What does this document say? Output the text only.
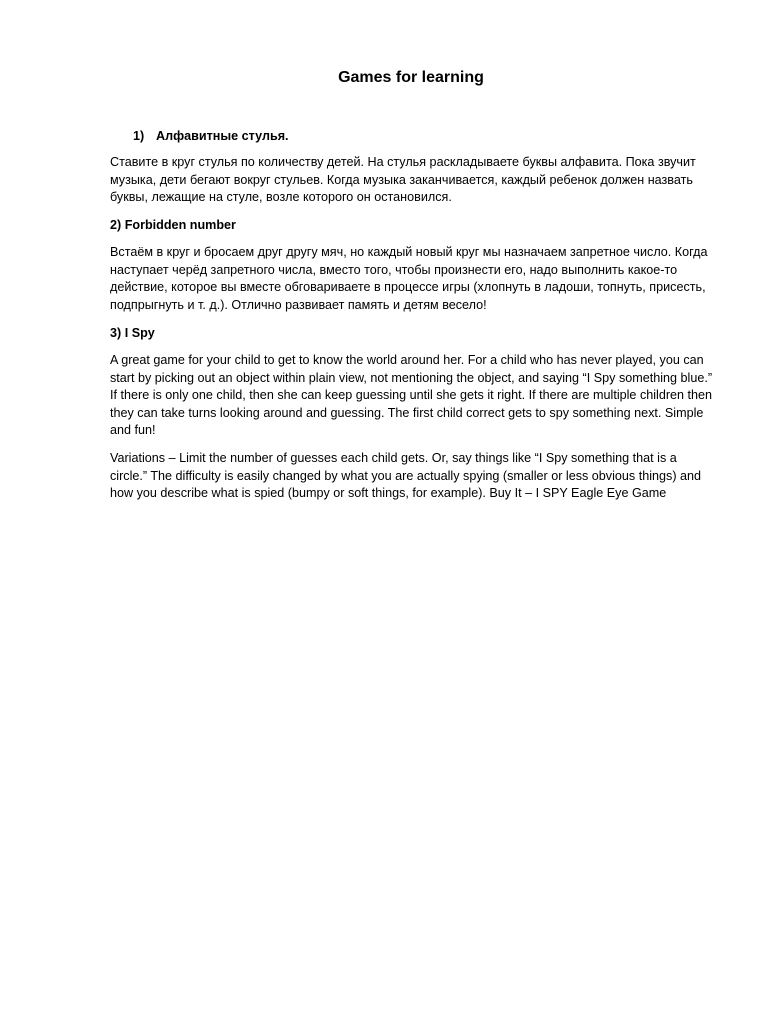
Games for learning
1) Алфавитные стулья.
Ставите в круг стулья по количеству детей. На стулья раскладываете буквы алфавита. Пока звучит музыка, дети бегают вокруг стульев. Когда музыка заканчивается, каждый ребенок должен назвать буквы, лежащие на стуле, возле которого он остановился.
2) Forbidden number
Встаём в круг и бросаем друг другу мяч, но каждый новый круг мы назначаем запретное число. Когда наступает черёд запретного числа, вместо того, чтобы произнести его, надо выполнить какое-то действие, которое вы вместе обговариваете в процессе игры (хлопнуть в ладоши, топнуть, присесть, подпрыгнуть и т. д.). Отлично развивает память и детям весело!
3) I Spy
A great game for your child to get to know the world around her. For a child who has never played, you can start by picking out an object within plain view, not mentioning the object, and saying “I Spy something blue.” If there is only one child, then she can keep guessing until she gets it right. If there are multiple children then they can take turns looking around and guessing. The first child correct gets to spy something next. Simple and fun!
Variations – Limit the number of guesses each child gets. Or, say things like “I Spy something that is a circle.” The difficulty is easily changed by what you are actually spying (smaller or less obvious things) and how you describe what is spied (bumpy or soft things, for example). Buy It – I SPY Eagle Eye Game
